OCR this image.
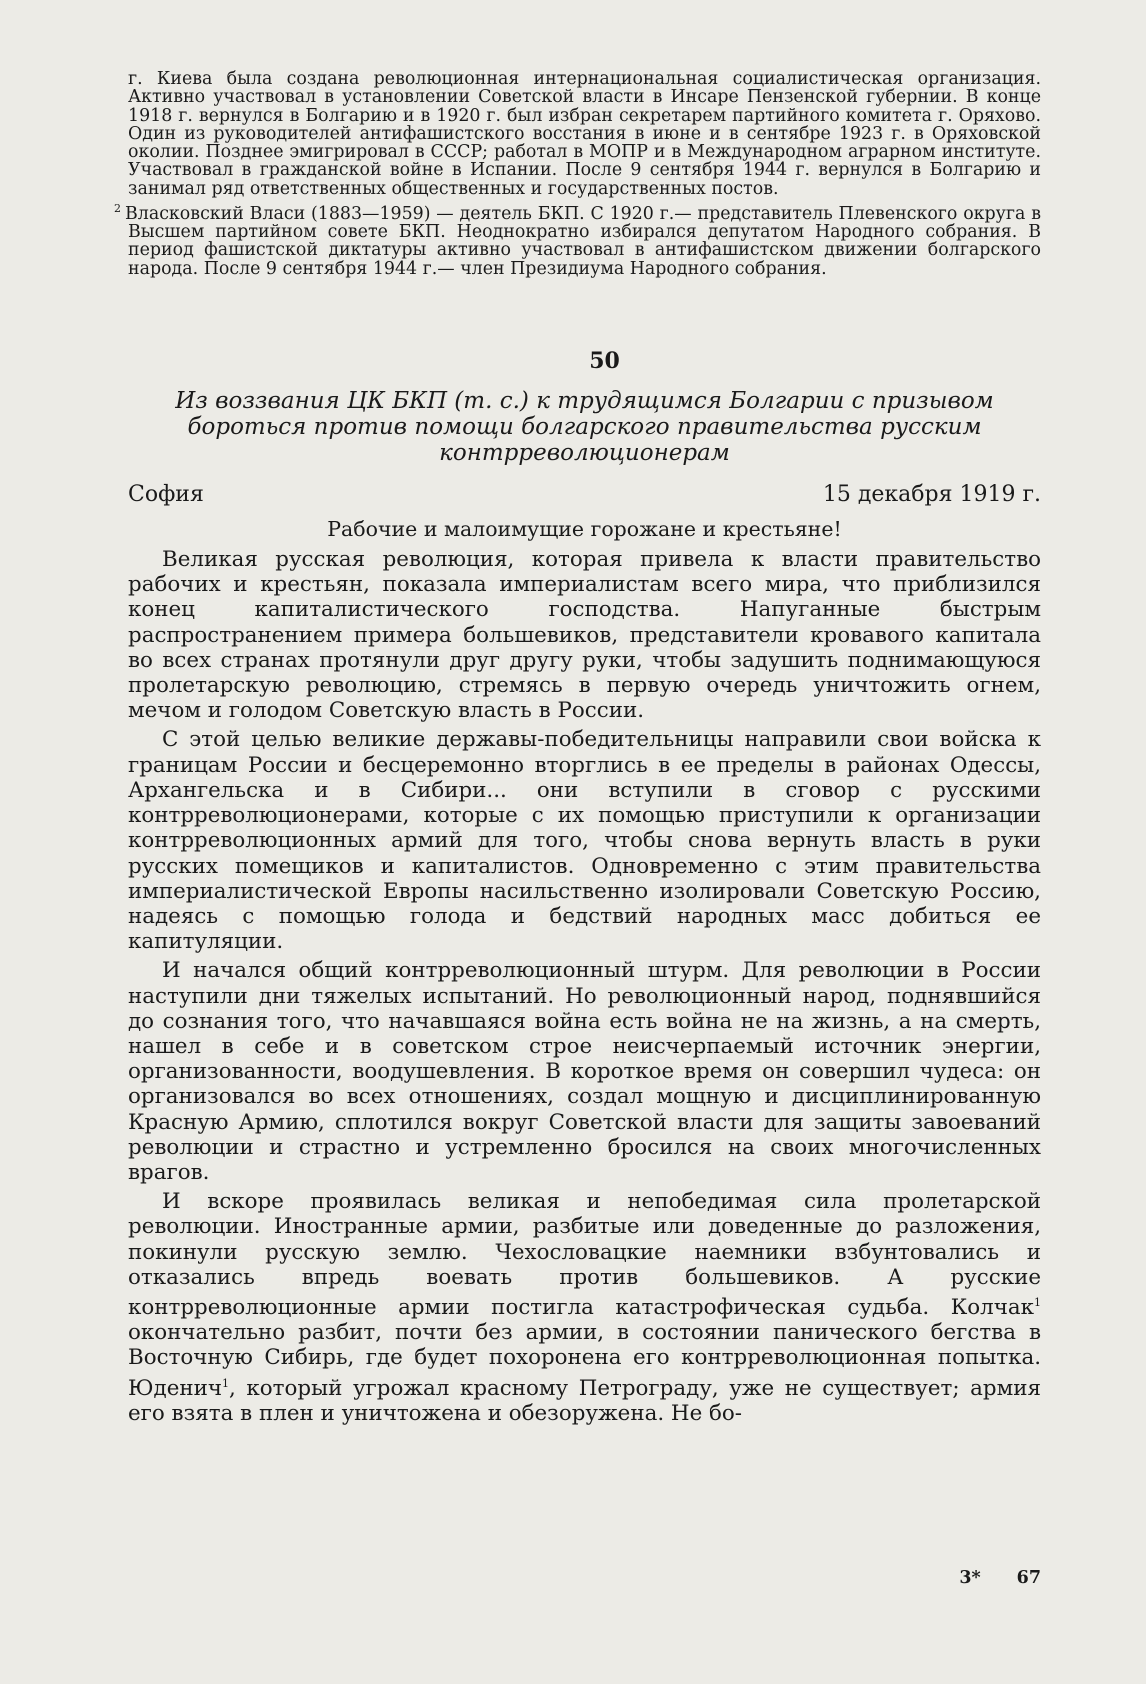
г. Киева была создана революционная интернациональная социалистическая организация. Активно участвовал в установлении Советской власти в Инсаре Пензенской губернии. В конце 1918 г. вернулся в Болгарию и в 1920 г. был избран секретарем партийного комитета г. Оряхово. Один из руководителей антифашистского восстания в июне и в сентябре 1923 г. в Оряховской околии. Позднее эмигрировал в СССР; работал в МОПР и в Международном аграрном институте. Участвовал в гражданской войне в Испании. После 9 сентября 1944 г. вернулся в Болгарию и занимал ряд ответственных общественных и государственных постов.

$^2$ Власковский Власи (1883—1959) — деятель БКП. С 1920 г.— представитель Плевенского округа в Высшем партийном совете БКП. Неоднократно избирался депутатом Народного собрания. В период фашистской диктатуры активно участвовал в антифашистском движении болгарского народа. После 9 сентября 1944 г.— член Президиума Народного собрания.

50
Из воззвания ЦК БКП (т. с.) к трудящимся Болгарии с призывом бороться против помощи болгарского правительства русским контрреволюционерам
София	15 декабря 1919 г.
Рабочие и малоимущие горожане и крестьяне!

Великая русская революция, которая привела к власти правительство рабочих и крестьян, показала империалистам всего мира, что приблизился конец капиталистического господства. Напуганные быстрым распространением примера большевиков, представители кровавого капитала во всех странах протянули друг другу руки, чтобы задушить поднимающуюся пролетарскую революцию, стремясь в первую очередь уничтожить огнем, мечом и голодом Советскую власть в России.

С этой целью великие державы-победительницы направили свои войска к границам России и бесцеремонно вторглись в ее пределы в районах Одессы, Архангельска и в Сибири... они вступили в сговор с русскими контрреволюционерами, которые с их помощью приступили к организации контрреволюционных армий для того, чтобы снова вернуть власть в руки русских помещиков и капиталистов. Одновременно с этим правительства империалистической Европы насильственно изолировали Советскую Россию, надеясь с помощью голода и бедствий народных масс добиться ее капитуляции.

И начался общий контрреволюционный штурм. Для революции в России наступили дни тяжелых испытаний. Но революционный народ, поднявшийся до сознания того, что начавшаяся война есть война не на жизнь, а на смерть, нашел в себе и в советском строе неисчерпаемый источник энергии, организованности, воодушевления. В короткое время он совершил чудеса: он организовался во всех отношениях, создал мощную и дисциплинированную Красную Армию, сплотился вокруг Советской власти для защиты завоеваний революции и страстно и устремленно бросился на своих многочисленных врагов.

И вскоре проявилась великая и непобедимая сила пролетарской революции. Иностранные армии, разбитые или доведенные до разложения, покинули русскую землю. Чехословацкие наемники взбунтовались и отказались впредь воевать против большевиков. А русские контрреволюционные армии постигла катастрофическая судьба. Колчак$^1$ окончательно разбит, почти без армии, в состоянии панического бегства в Восточную Сибирь, где будет похоронена его контрреволюционная попытка. Юденич$^1$, который угрожал красному Петрограду, уже не существует; армия его взята в плен и уничтожена и обезоружена. Не бо-

3* 67
